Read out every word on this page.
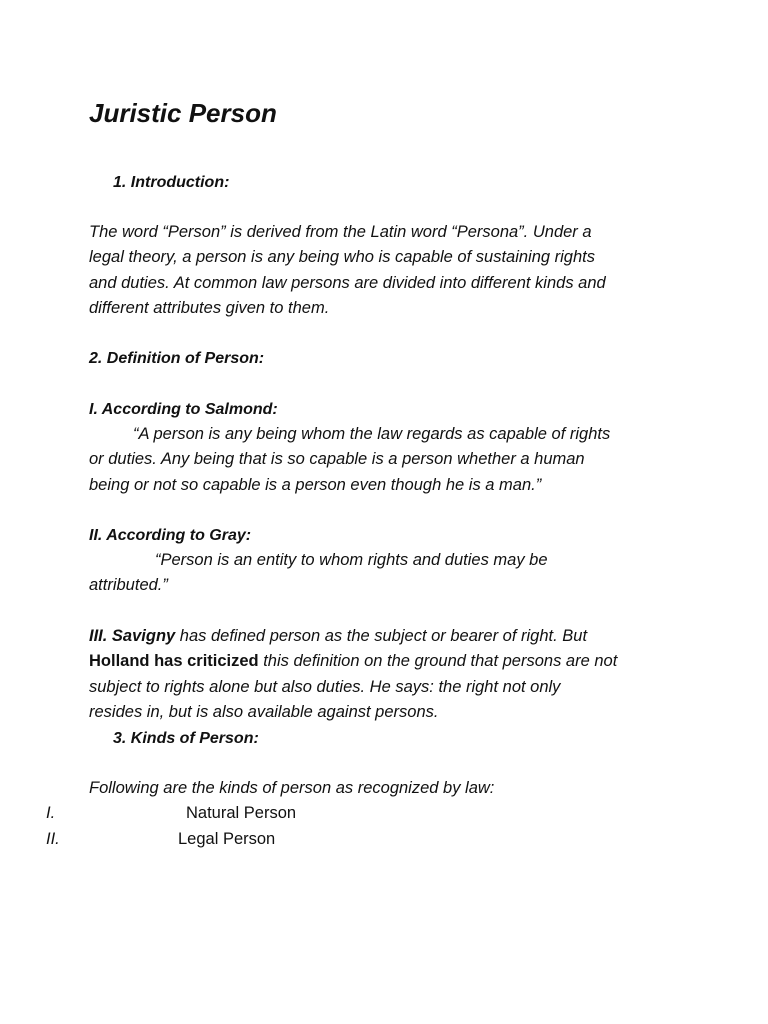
Juristic Person
1. Introduction:
The word “Person” is derived from the Latin word “Persona”. Under a
legal theory, a person is any being who is capable of sustaining rights
and duties. At common law persons are divided into different kinds and
different attributes given to them.
2. Definition of Person:
I. According to Salmond:
“A person is any being whom the law regards as capable of rights
or duties. Any being that is so capable is a person whether a human
being or not so capable is a person even though he is a man.”
II. According to Gray:
“Person is an entity to whom rights and duties may be
attributed.”
III. Savigny has defined person as the subject or bearer of right. But
Holland has criticized this definition on the ground that persons are not
subject to rights alone but also duties. He says: the right not only
resides in, but is also available against persons.
3. Kinds of Person:
Following are the kinds of person as recognized by law:
I.	Natural Person
II.	Legal Person
